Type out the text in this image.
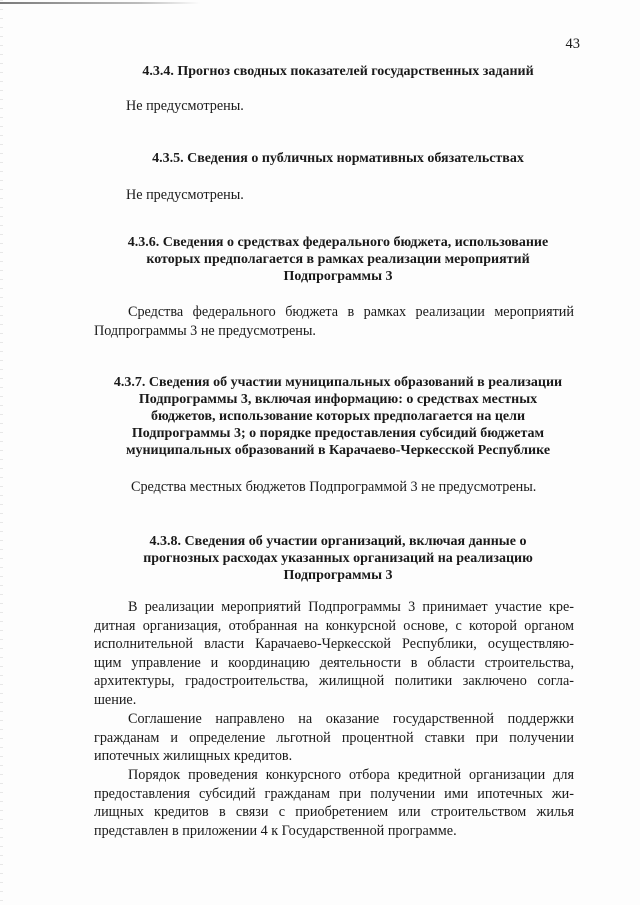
43
4.3.4. Прогноз сводных показателей государственных заданий
Не предусмотрены.
4.3.5. Сведения о публичных нормативных обязательствах
Не предусмотрены.
4.3.6. Сведения о средствах федерального бюджета, использование
которых предполагается в рамках реализации мероприятий
Подпрограммы 3
Средства федерального бюджета в рамках реализации мероприятий
Подпрограммы 3 не предусмотрены.
4.3.7. Сведения об участии муниципальных образований в реализации
Подпрограммы 3, включая информацию: о средствах местных
бюджетов, использование которых предполагается на цели
Подпрограммы 3; о порядке предоставления субсидий бюджетам
муниципальных образований в Карачаево-Черкесской Республике
Средства местных бюджетов Подпрограммой 3 не предусмотрены.
4.3.8. Сведения об участии организаций, включая данные о
прогнозных расходах указанных организаций на реализацию
Подпрограммы 3
В реализации мероприятий Подпрограммы 3 принимает участие кре-
дитная организация, отобранная на конкурсной основе, с которой органом
исполнительной власти Карачаево-Черкесской Республики, осуществляю-
щим управление и координацию деятельности в области строительства,
архитектуры, градостроительства, жилищной политики заключено согла-
шение.
Соглашение направлено на оказание государственной поддержки
гражданам и определение льготной процентной ставки при получении
ипотечных жилищных кредитов.
Порядок проведения конкурсного отбора кредитной организации для
предоставления субсидий гражданам при получении ими ипотечных жи-
лищных кредитов в связи с приобретением или строительством жилья
представлен в приложении 4 к Государственной программе.
